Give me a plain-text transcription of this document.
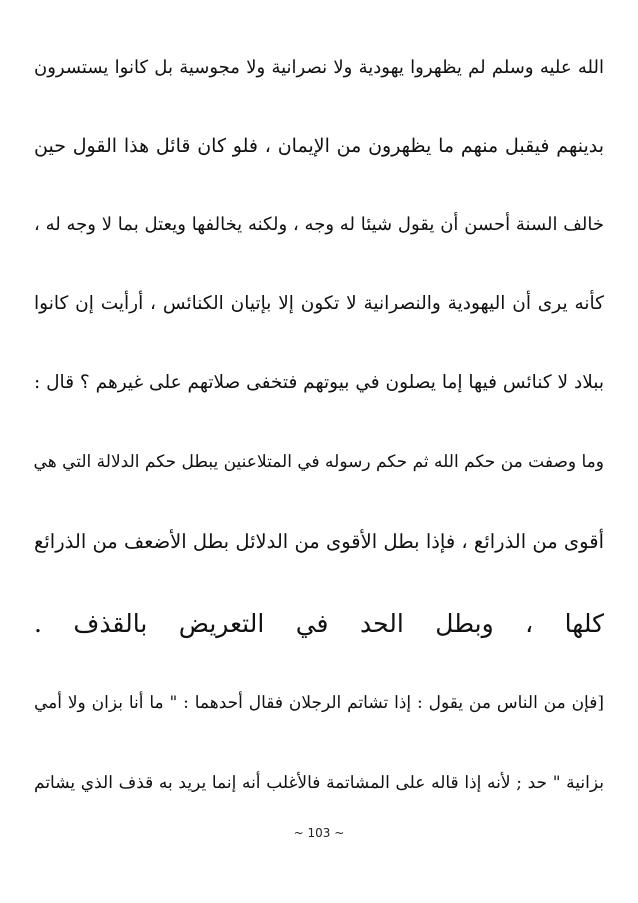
الله عليه وسلم لم يظهروا يهودية ولا نصرانية ولا مجوسية بل كانوا يستسرون
بدينهم فيقبل منهم ما يظهرون من الإيمان ، فلو كان قائل هذا القول حين
خالف السنة أحسن أن يقول شيئا له وجه ، ولكنه يخالفها ويعتل بما لا وجه له ،
كأنه يرى أن اليهودية والنصرانية لا تكون إلا بإتيان الكنائس ، أرأيت إن كانوا
ببلاد لا كنائس فيها إما يصلون في بيوتهم فتخفى صلاتهم على غيرهم ؟ قال :
وما وصفت من حكم الله ثم حكم رسوله في المتلاعنين يبطل حكم الدلالة التي هي
أقوى من الذرائع ، فإذا بطل الأقوى من الدلائل بطل الأضعف من الذرائع
كلها ، وبطل الحد في التعريض بالقذف .
[فإن من الناس من يقول : إذا تشاتم الرجلان فقال أحدهما : " ما أنا بزان ولا أمي
بزانية " حد ; لأنه إذا قاله على المشاتمة فالأغلب أنه إنما يريد به قذف الذي يشاتم
~ 103 ~
